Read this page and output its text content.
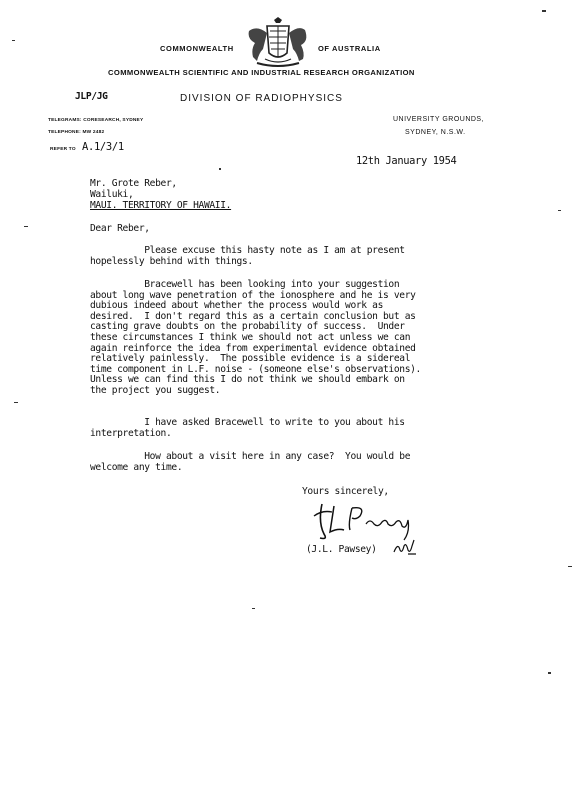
COMMONWEALTH	OF AUSTRALIA
COMMONWEALTH SCIENTIFIC AND INDUSTRIAL RESEARCH ORGANIZATION
JLP/JG	DIVISION OF RADIOPHYSICS
TELEGRAMS: CORESEARCH, SYDNEY
TELEPHONE: MW 2482
REFER TO A.1/3/1
UNIVERSITY GROUNDS,
SYDNEY, N.S.W.
12th January 1954
Mr. Grote Reber,
Wailuki,
MAUI. TERRITORY OF HAWAII.
Dear Reber,
Please excuse this hasty note as I am at present
hopelessly behind with things.
Bracewell has been looking into your suggestion
about long wave penetration of the ionosphere and he is very
dubious indeed about whether the process would work as
desired.  I don't regard this as a certain conclusion but as
casting grave doubts on the probability of success.  Under
these circumstances I think we should not act unless we can
again reinforce the idea from experimental evidence obtained
relatively painlessly.  The possible evidence is a sidereal
time component in L.F. noise - (someone else's observations).
Unless we can find this I do not think we should embark on
the project you suggest.
I have asked Bracewell to write to you about his
interpretation.
How about a visit here in any case?  You would be
welcome any time.
Yours sincerely,
(J.L. Pawsey)
